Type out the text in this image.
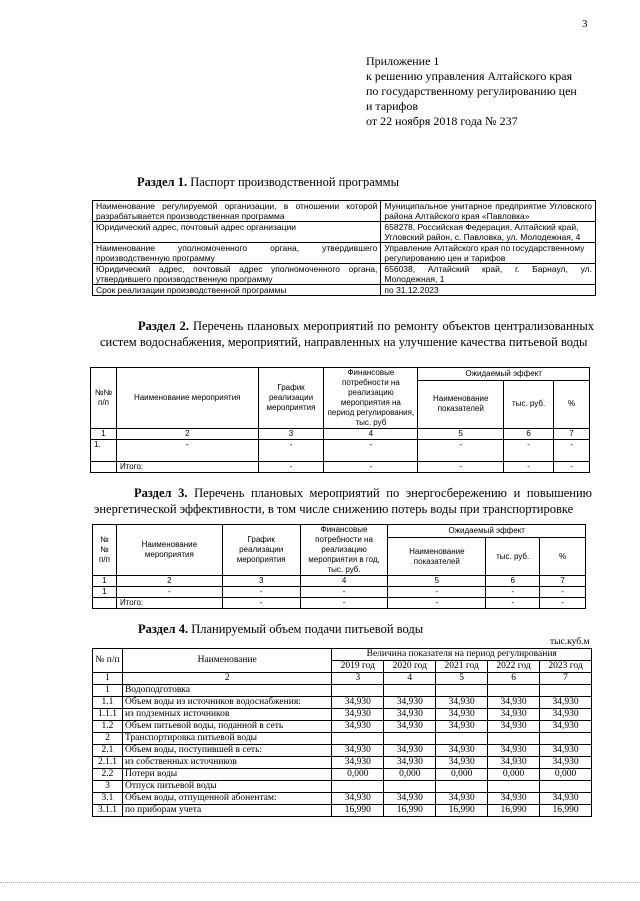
3
Приложение 1
к решению управления Алтайского края
по государственному регулированию цен
и тарифов
от 22 ноября 2018 года № 237
Раздел 1. Паспорт производственной программы
Наименование регулируемой организации, в отношении которой разрабатывается производственная программа	Муниципальное унитарное предприятие Угловского района Алтайского края «Павловка»
Юридический адрес, почтовый адрес организации	658278, Российская Федерация, Алтайский край, Угловский район, с. Павловка, ул. Молодежная, 4
Наименование уполномоченного органа, утвердившего производственную программу	Управление Алтайского края по государственному регулированию цен и тарифов
Юридический адрес, почтовый адрес уполномоченного органа, утвердившего производственную программу	656038, Алтайский край, г. Барнаул, ул. Молодежная, 1
Срок реализации производственной программы	по 31.12.2023
Раздел 2. Перечень плановых мероприятий по ремонту объектов централизованных систем водоснабжения, мероприятий, направленных на улучшение качества питьевой воды
№№ п/п	Наименование мероприятия	График реализации мероприятия	Финансовые потребности на реализацию мероприятия на период регулирования, тыс. руб	Ожидаемый эффект		
				Наименование показателей	тыс. руб.	%
1	2	3	4	5	6	7
1.	-	-	-	-	-	-
	Итого:	-	-	-	-	-
Раздел 3. Перечень плановых мероприятий по энергосбережению и повышению энергетической эффективности, в том числе снижению потерь воды при транспортировке
№№ п/п	Наименование мероприятия	График реализации мероприятия	Финансовые потребности на реализацию мероприятия в год, тыс. руб.	Ожидаемый эффект		
				Наименование показателей	тыс. руб.	%
1	2	3	4	5	6	7
1	-	-	-	-	-	-
	Итого:	-	-	-	-	-
Раздел 4. Планируемый объем подачи питьевой воды
тыс.куб.м
№ п/п	Наименование	Величина показателя на период регулирования				
		2019 год	2020 год	2021 год	2022 год	2023 год
1	2	3	4	5	6	7
1	Водоподготовка					
1.1	Объем воды из источников водоснабжения:	34,930	34,930	34,930	34,930	34,930
1.1.1	из подземных источников	34,930	34,930	34,930	34,930	34,930
1.2	Объем питьевой воды, поданной в сеть	34,930	34,930	34,930	34,930	34,930
2	Транспортировка питьевой воды					
2.1	Объем воды, поступившей в сеть:	34,930	34,930	34,930	34,930	34,930
2.1.1	из собственных источников	34,930	34,930	34,930	34,930	34,930
2.2	Потери воды	0,000	0,000	0,000	0,000	0,000
3	Отпуск питьевой воды					
3.1	Объем воды, отпущенной абонентам:	34,930	34,930	34,930	34,930	34,930
3.1.1	по приборам учета	16,990	16,990	16,990	16,990	16,990
